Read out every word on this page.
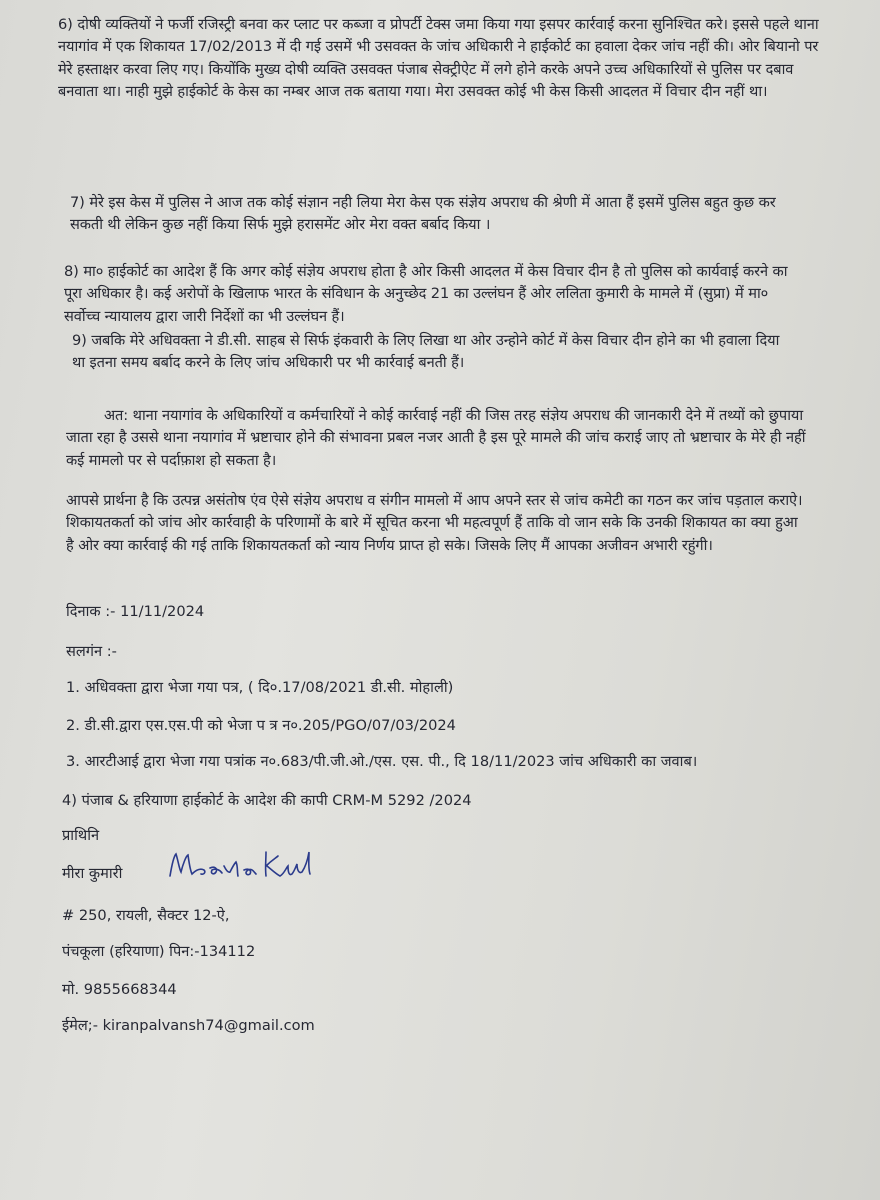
6) दोषी व्यक्तियों ने फर्जी रजिस्ट्री बनवा कर प्लाट पर कब्जा व प्रोपर्टी टेक्स जमा किया गया इसपर कार्रवाई करना सुनिश्चित करे। इससे पहले थाना नयागांव में एक शिकायत 17/02/2013 में दी गई उसमें भी उसवक्त के जांच अधिकारी ने हाईकोर्ट का हवाला देकर जांच नहीं की। ओर बियानो पर मेरे हस्ताक्षर करवा लिए गए। कियोंकि मुख्य दोषी व्यक्ति उसवक्त पंजाब सेक्ट्रीऐट में लगे होने करके अपने उच्च अधिकारियों से पुलिस पर दबाव बनवाता था। नाही मुझे हाईकोर्ट के केस का नम्बर आज तक बताया गया। मेरा उसवक्त कोई भी केस किसी आदलत में विचार दीन नहीं था।

7) मेरे इस केस में पुलिस ने आज तक कोई संज्ञान नही लिया मेरा केस एक संज्ञेय अपराध की श्रेणी में आता हैं इसमें पुलिस बहुत कुछ कर सकती थी लेकिन कुछ नहीं किया सिर्फ मुझे हरासमेंट ओर मेरा वक्त बर्बाद किया ।

8) मा० हाईकोर्ट का आदेश हैं कि अगर कोई संज्ञेय अपराध होता है ओर किसी आदलत में केस विचार दीन है तो पुलिस को कार्यवाई करने का पूरा अधिकार है। कई अरोपों के खिलाफ भारत के संविधान के अनुच्छेद 21 का उल्लंघन हैं ओर ललिता कुमारी के मामले में (सुप्रा) में मा० सर्वोच्च न्यायालय द्वारा जारी निर्देशों का भी उल्लंघन हैं।

9) जबकि मेरे अधिवक्ता ने डी.सी. साहब से सिर्फ इंकवारी के लिए लिखा था ओर उन्होने कोर्ट में केस विचार दीन होने का भी हवाला दिया था इतना समय बर्बाद करने के लिए जांच अधिकारी पर भी कार्रवाई बनती हैं।

अत: थाना नयागांव के अधिकारियों व कर्मचारियों ने कोई कार्रवाई नहीं की जिस तरह संज्ञेय अपराध की जानकारी देने में तथ्यों को छुपाया जाता रहा है उससे थाना नयागांव में भ्रष्टाचार होने की संभावना प्रबल नजर आती है इस पूरे मामले की जांच कराई जाए तो भ्रष्टाचार के मेरे ही नहीं कई मामलो पर से पर्दाफ़ाश हो सकता है।

आपसे प्रार्थना है कि उत्पन्न असंतोष एंव ऐसे संज्ञेय अपराध व संगीन मामलो में आप अपने स्तर से जांच कमेटी का गठन कर जांच पड़ताल कराऐ। शिकायतकर्ता को जांच ओर कार्रवाही के परिणामों के बारे में सूचित करना भी महत्वपूर्ण हैं ताकि वो जान सके कि उनकी शिकायत का क्या हुआ है ओर क्या कार्रवाई की गई ताकि शिकायतकर्ता को न्याय निर्णय प्राप्त हो सके। जिसके लिए मैं आपका अजीवन अभारी रहुंगी।

दिनाक :- 11/11/2024
सलगंन :-
1. अधिवक्ता द्वारा भेजा गया पत्र, ( दि०.17/08/2021 डी.सी. मोहाली)
2. डी.सी.द्वारा एस.एस.पी को भेजा प त्र न०.205/PGO/07/03/2024
3. आरटीआई द्वारा भेजा गया पत्रांक न०.683/पी.जी.ओ./एस. एस. पी., दि 18/11/2023 जांच अधिकारी का जवाब।
4) पंजाब & हरियाणा हाईकोर्ट के आदेश की कापी CRM-M 5292 /2024
प्राथिनि
मीरा कुमारी
# 250, रायली, सैक्टर 12-ऐ,
पंचकूला (हरियाणा) पिन:-134112
मो. 9855668344
ईमेल;- kiranpalvansh74@gmail.com
